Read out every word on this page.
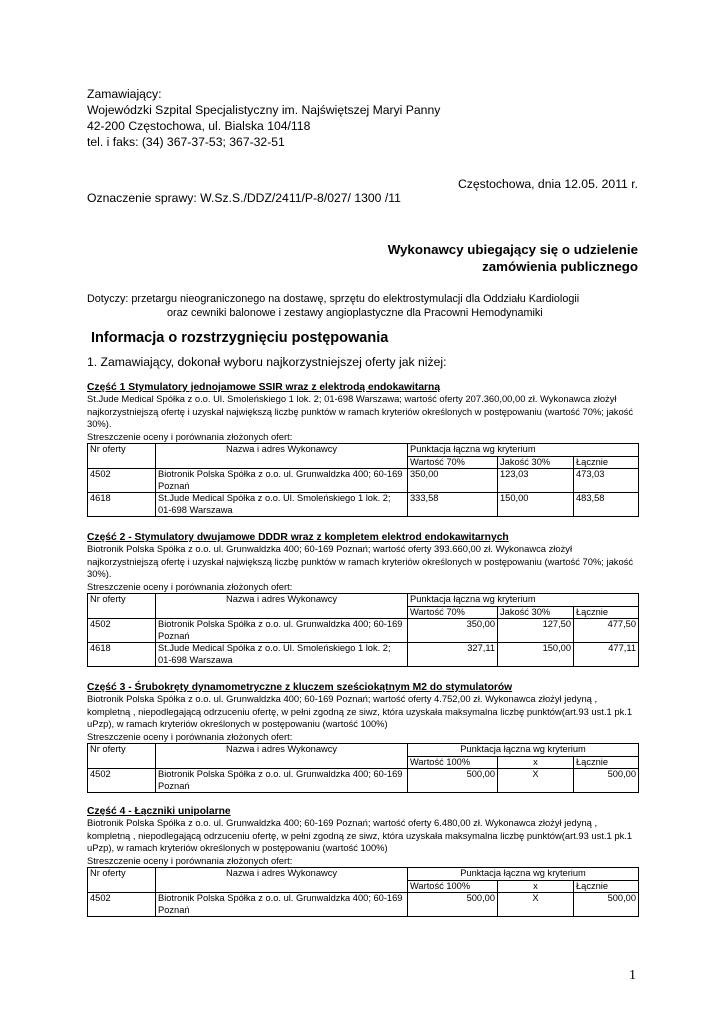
Zamawiający:
Wojewódzki Szpital Specjalistyczny im. Najświętszej Maryi Panny
42-200 Częstochowa, ul. Bialska 104/118
tel. i faks: (34) 367-37-53; 367-32-51
Częstochowa, dnia 12.05. 2011 r.
Oznaczenie sprawy: W.Sz.S./DDZ/2411/P-8/027/ 1300 /11
Wykonawcy ubiegający się o udzielenie
zamówienia publicznego
Dotyczy: przetargu nieograniczonego na dostawę, sprzętu do elektrostymulacji dla Oddziału Kardiologii
oraz cewniki balonowe i zestawy angioplastyczne dla Pracowni Hemodynamiki
Informacja o rozstrzygnięciu postępowania
1. Zamawiający, dokonał wyboru najkorzystniejszej oferty jak niżej:

Część 1 Stymulatory jednojamowe SSIR wraz z elektrodą endokawitarną

St.Jude Medical Spółka z o.o. Ul. Smoleńskiego 1 lok. 2; 01-698 Warszawa; wartość oferty 207.360,00,00 zł. Wykonawca złożył najkorzystniejszą ofertę i uzyskał największą liczbę punktów w ramach kryteriów określonych w postępowaniu (wartość 70%; jakość 30%).

Streszczenie oceny i porównania złożonych ofert:

Nr oferty	Nazwa i adres Wykonawcy	Punktacja łączna wg kryterium		
		Wartość 70%	Jakość 30%	Łącznie
4502	Biotronik Polska Spółka z o.o. ul. Grunwaldzka 400; 60-169 Poznań	350,00	123,03	473,03
4618	St.Jude Medical Spółka z o.o. Ul. Smoleńskiego 1 lok. 2; 01-698 Warszawa	333,58	150,00	483,58

Część 2 - Stymulatory dwujamowe DDDR wraz z kompletem elektrod endokawitarnych

Biotronik Polska Spółka z o.o. ul. Grunwaldzka 400; 60-169 Poznań; wartość oferty 393.660,00 zł. Wykonawca złożył najkorzystniejszą ofertę i uzyskał największą liczbę punktów w ramach kryteriów określonych w postępowaniu (wartość 70%; jakość 30%).

Streszczenie oceny i porównania złożonych ofert:

Nr oferty	Nazwa i adres Wykonawcy	Punktacja łączna wg kryterium		
		Wartość 70%	Jakość 30%	Łącznie
4502	Biotronik Polska Spółka z o.o. ul. Grunwaldzka 400; 60-169 Poznań	350,00	127,50	477,50
4618	St.Jude Medical Spółka z o.o. Ul. Smoleńskiego 1 lok. 2; 01-698 Warszawa	327,11	150,00	477,11

Część 3 - Śrubokręty dynamometryczne z kluczem sześciokątnym M2 do stymulatorów

Biotronik Polska Spółka z o.o. ul. Grunwaldzka 400; 60-169 Poznań; wartość oferty 4.752,00 zł. Wykonawca złożył jedyną , kompletną , niepodlegającą odrzuceniu ofertę, w pełni zgodną ze siwz, która uzyskała maksymalna liczbę punktów(art.93 ust.1 pk.1 uPzp), w ramach kryteriów określonych w postępowaniu (wartość 100%)

Streszczenie oceny i porównania złożonych ofert:

Nr oferty	Nazwa i adres Wykonawcy	Punktacja łączna wg kryterium		
		Wartość 100%	x	Łącznie
4502	Biotronik Polska Spółka z o.o. ul. Grunwaldzka 400; 60-169 Poznań	500,00	X	500,00

Część 4 - Łączniki unipolarne

Biotronik Polska Spółka z o.o. ul. Grunwaldzka 400; 60-169 Poznań; wartość oferty 6.480,00 zł. Wykonawca złożył jedyną , kompletną , niepodlegającą odrzuceniu ofertę, w pełni zgodną ze siwz, która uzyskała maksymalna liczbę punktów(art.93 ust.1 pk.1 uPzp), w ramach kryteriów określonych w postępowaniu (wartość 100%)

Streszczenie oceny i porównania złożonych ofert:

Nr oferty	Nazwa i adres Wykonawcy	Punktacja łączna wg kryterium		
		Wartość 100%	x	Łącznie
4502	Biotronik Polska Spółka z o.o. ul. Grunwaldzka 400; 60-169 Poznań	500,00	X	500,00
1
